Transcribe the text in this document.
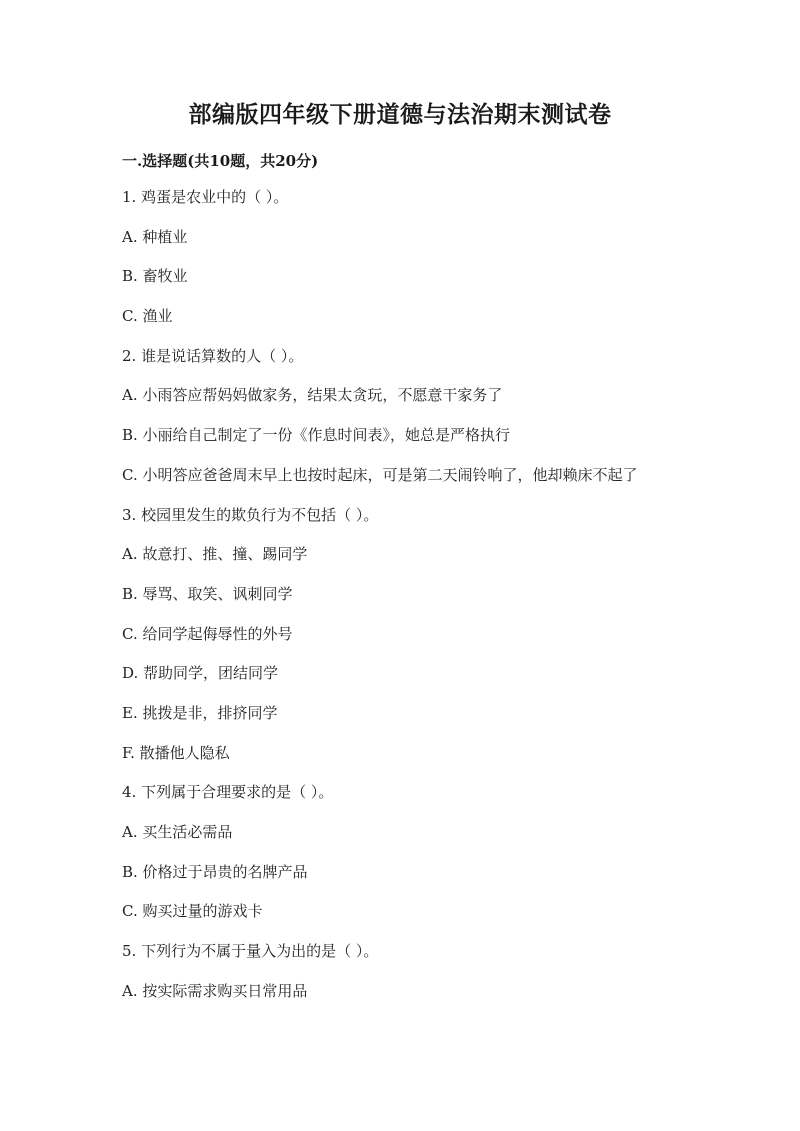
部编版四年级下册道德与法治期末测试卷
一.选择题(共10题，共20分)
1. 鸡蛋是农业中的（ ）。
A. 种植业
B. 畜牧业
C. 渔业
2. 谁是说话算数的人（ ）。
A. 小雨答应帮妈妈做家务，结果太贪玩，不愿意干家务了
B. 小丽给自己制定了一份《作息时间表》，她总是严格执行
C. 小明答应爸爸周末早上也按时起床，可是第二天闹铃响了，他却赖床不起了
3. 校园里发生的欺负行为不包括（ ）。
A. 故意打、推、撞、踢同学
B. 辱骂、取笑、讽刺同学
C. 给同学起侮辱性的外号
D. 帮助同学，团结同学
E. 挑拨是非，排挤同学
F. 散播他人隐私
4. 下列属于合理要求的是（ ）。
A. 买生活必需品
B. 价格过于昂贵的名牌产品
C. 购买过量的游戏卡
5. 下列行为不属于量入为出的是（ ）。
A. 按实际需求购买日常用品
